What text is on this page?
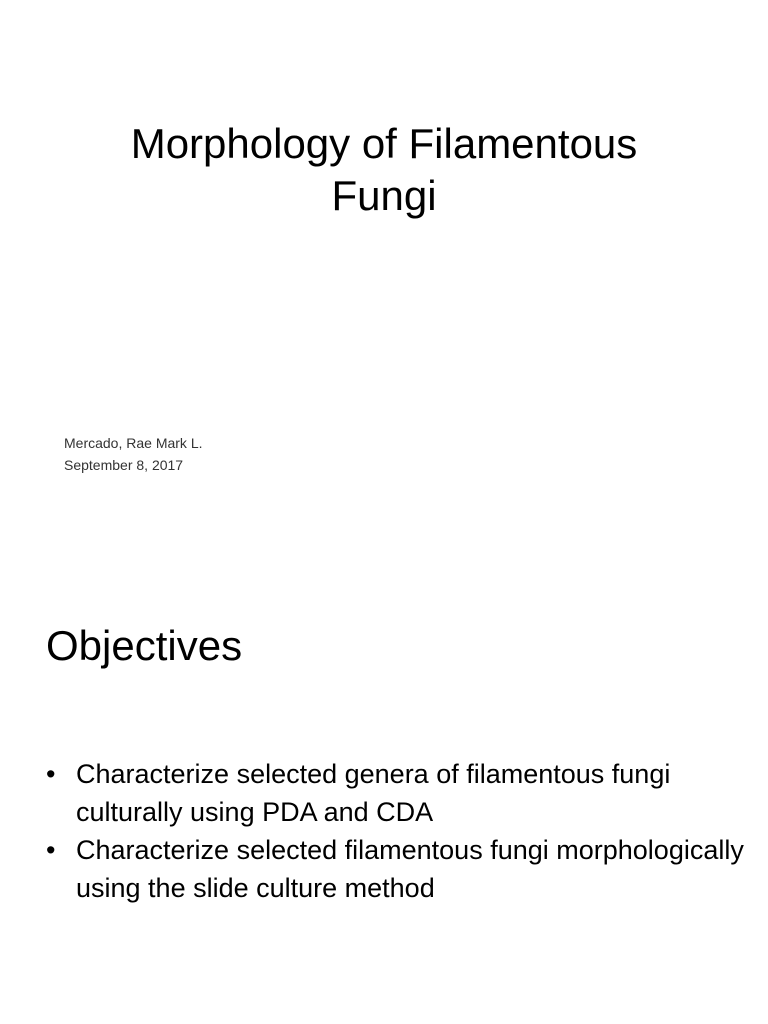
Morphology of Filamentous
Fungi
Mercado, Rae Mark L.
September 8, 2017
Objectives
• Characterize selected genera of filamentous fungi culturally using PDA and CDA
• Characterize selected filamentous fungi morphologically using the slide culture method
